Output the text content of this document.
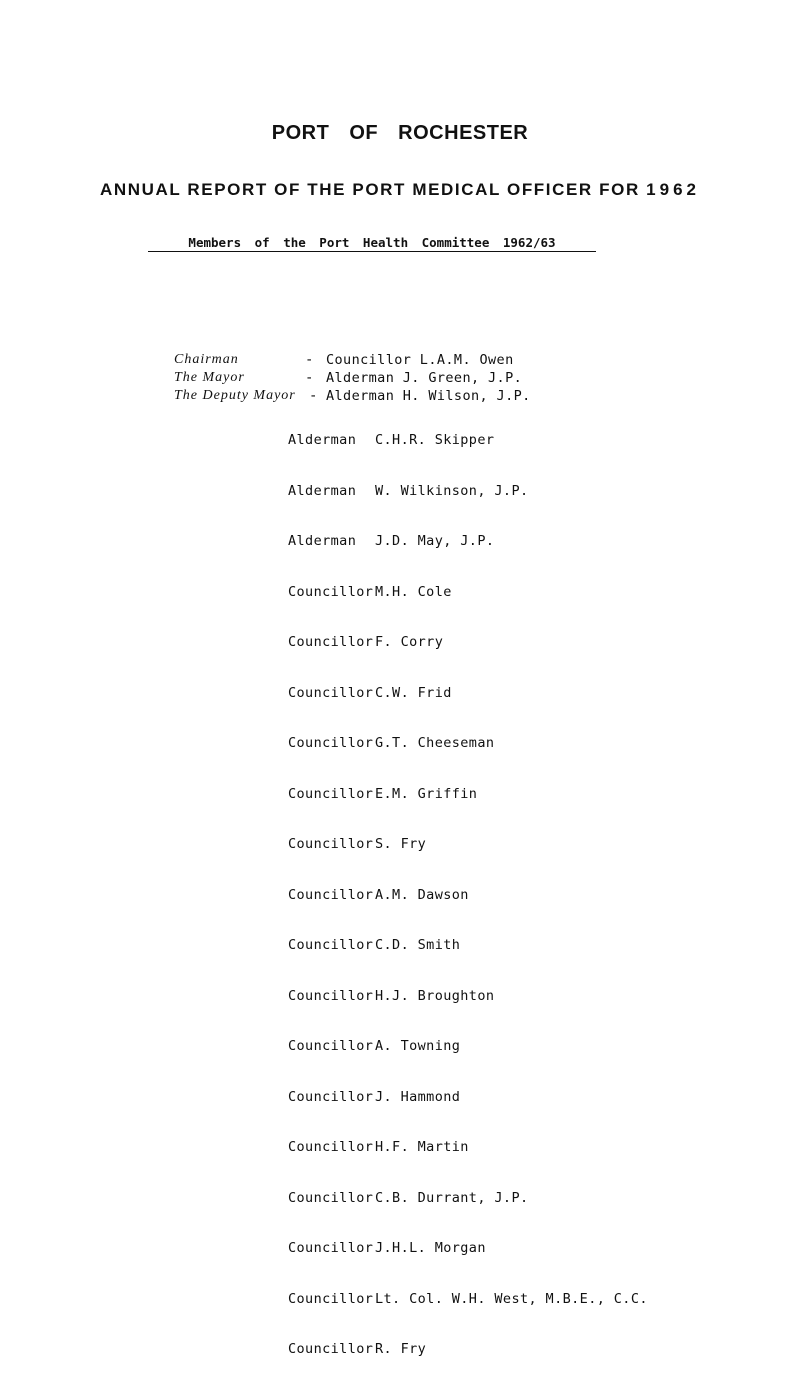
PORT OF ROCHESTER
ANNUAL REPORT OF THE PORT MEDICAL OFFICER FOR 1962
Members of the Port Health Committee 1962/63
Chairman	- Councillor L.A.M. Owen
The Mayor	- Alderman J. Green, J.P.
The Deputy Mayor - Alderman H. Wilson, J.P.

Alderman C.H.R. Skipper

Alderman W. Wilkinson, J.P.

Alderman J.D. May, J.P.

Councillor M.H. Cole

Councillor F. Corry

Councillor C.W. Frid

Councillor G.T. Cheeseman

Councillor E.M. Griffin

Councillor S. Fry

Councillor A.M. Dawson

Councillor C.D. Smith

Councillor H.J. Broughton

Councillor A. Towning

Councillor J. Hammond

Councillor H.F. Martin

Councillor C.B. Durrant, J.P.

Councillor J.H.L. Morgan

Councillor Lt. Col. W.H. West, M.B.E., C.C.

Councillor R. Fry
